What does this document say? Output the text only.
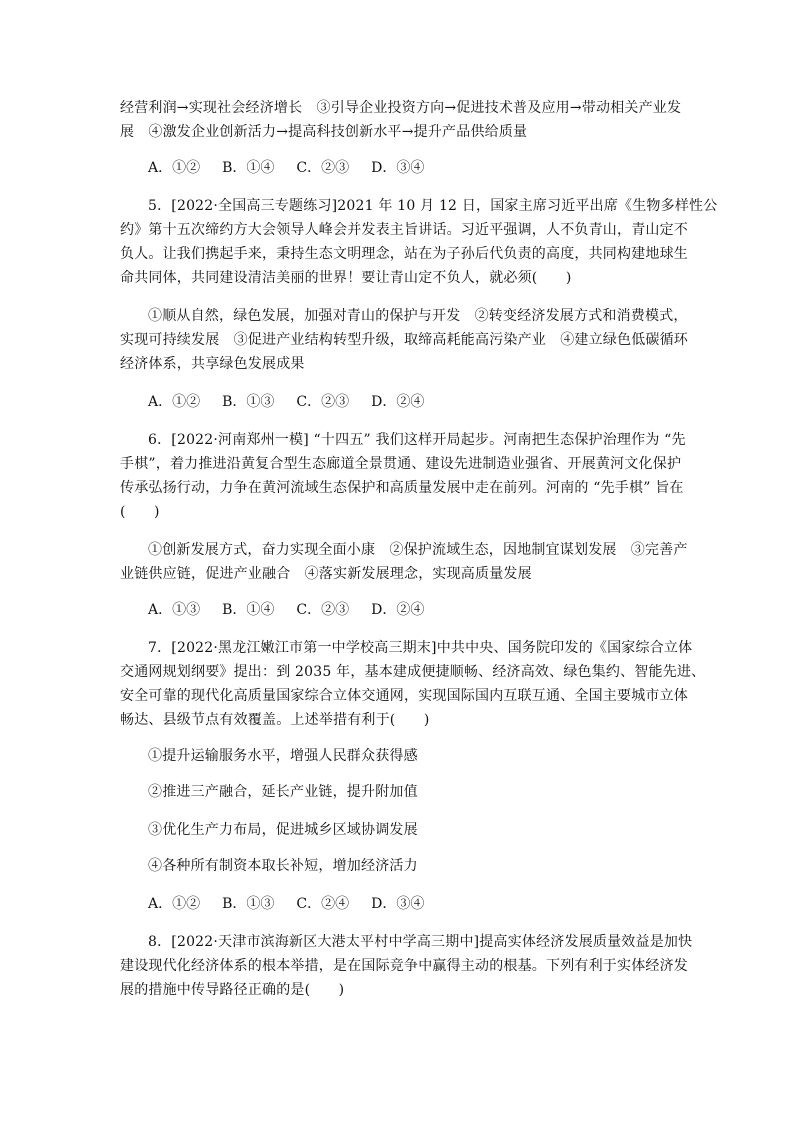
经营利润→实现社会经济增长　③引导企业投资方向→促进技术普及应用→带动相关产业发
展　④激发企业创新活力→提高科技创新水平→提升产品供给质量
A．①② B．①④ C．②③ D．③④
5．[2022·全国高三专题练习]2021 年 10 月 12 日，国家主席习近平出席《生物多样性公
约》第十五次缔约方大会领导人峰会并发表主旨讲话。习近平强调，人不负青山，青山定不
负人。让我们携起手来，秉持生态文明理念，站在为子孙后代负责的高度，共同构建地球生
命共同体，共同建设清洁美丽的世界！要让青山定不负人，就必须(　　)
①顺从自然，绿色发展，加强对青山的保护与开发　②转变经济发展方式和消费模式，
实现可持续发展　③促进产业结构转型升级，取缔高耗能高污染产业　④建立绿色低碳循环
经济体系，共享绿色发展成果
A．①② B．①③ C．②③ D．②④
6．[2022·河南郑州一模] “十四五” 我们这样开局起步。河南把生态保护治理作为 “先
手棋”，着力推进沿黄复合型生态廊道全景贯通、建设先进制造业强省、开展黄河文化保护
传承弘扬行动，力争在黄河流域生态保护和高质量发展中走在前列。河南的 “先手棋” 旨在
(　　)
①创新发展方式，奋力实现全面小康　②保护流域生态，因地制宜谋划发展　③完善产
业链供应链，促进产业融合　④落实新发展理念，实现高质量发展
A．①③ B．①④ C．②③ D．②④
7．[2022·黑龙江嫩江市第一中学校高三期末]中共中央、国务院印发的《国家综合立体
交通网规划纲要》提出：到 2035 年，基本建成便捷顺畅、经济高效、绿色集约、智能先进、
安全可靠的现代化高质量国家综合立体交通网，实现国际国内互联互通、全国主要城市立体
畅达、县级节点有效覆盖。上述举措有利于(　　)
①提升运输服务水平，增强人民群众获得感
②推进三产融合，延长产业链，提升附加值
③优化生产力布局，促进城乡区域协调发展
④各种所有制资本取长补短，增加经济活力
A．①② B．①③ C．②④ D．③④
8．[2022·天津市滨海新区大港太平村中学高三期中]提高实体经济发展质量效益是加快
建设现代化经济体系的根本举措，是在国际竞争中赢得主动的根基。下列有利于实体经济发
展的措施中传导路径正确的是(　　)
